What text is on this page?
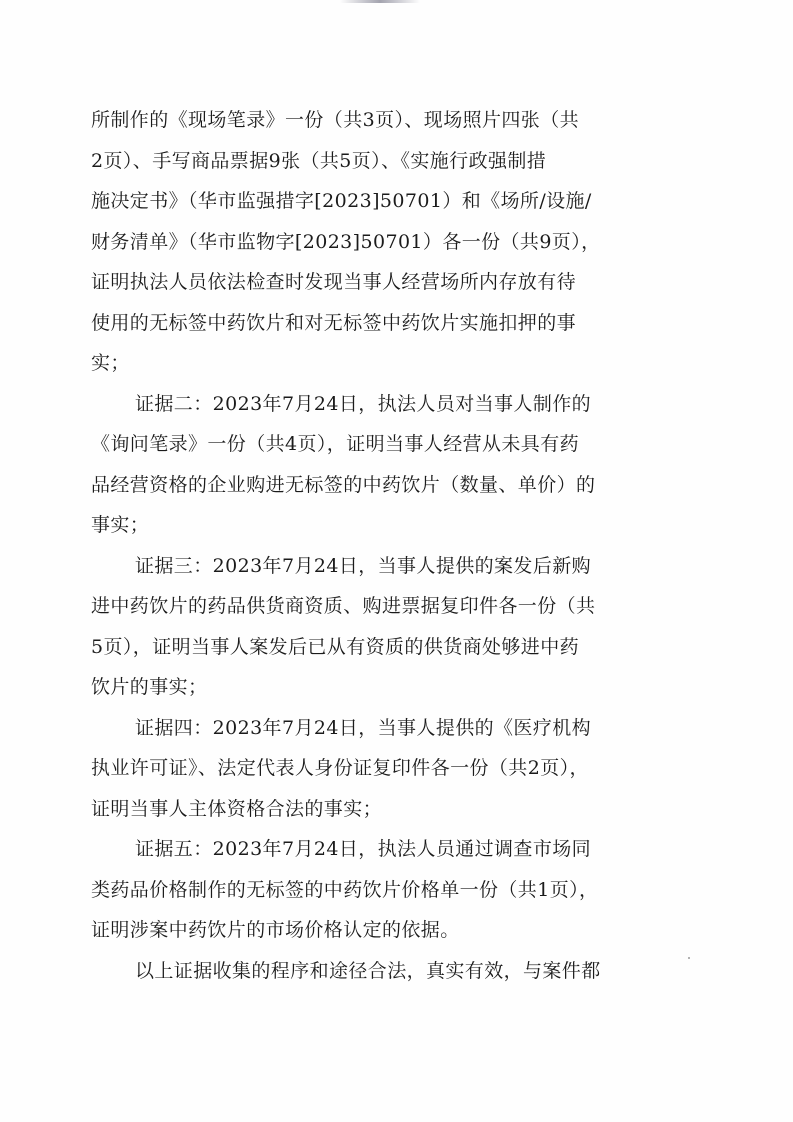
所制作的《现场笔录》一份（共3页）、现场照片四张（共
2页）、手写商品票据9张（共5页）、《实施行政强制措
施决定书》（华市监强措字[2023]50701）和《场所/设施/
财务清单》（华市监物字[2023]50701）各一份（共9页），
证明执法人员依法检查时发现当事人经营场所内存放有待
使用的无标签中药饮片和对无标签中药饮片实施扣押的事
实；
证据二：2023年7月24日，执法人员对当事人制作的
《询问笔录》一份（共4页），证明当事人经营从未具有药
品经营资格的企业购进无标签的中药饮片（数量、单价）的
事实；
证据三：2023年7月24日，当事人提供的案发后新购
进中药饮片的药品供货商资质、购进票据复印件各一份（共
5页），证明当事人案发后已从有资质的供货商处够进中药
饮片的事实；
证据四：2023年7月24日，当事人提供的《医疗机构
执业许可证》、法定代表人身份证复印件各一份（共2页），
证明当事人主体资格合法的事实；
证据五：2023年7月24日，执法人员通过调查市场同
类药品价格制作的无标签的中药饮片价格单一份（共1页），
证明涉案中药饮片的市场价格认定的依据。
以上证据收集的程序和途径合法，真实有效，与案件都
